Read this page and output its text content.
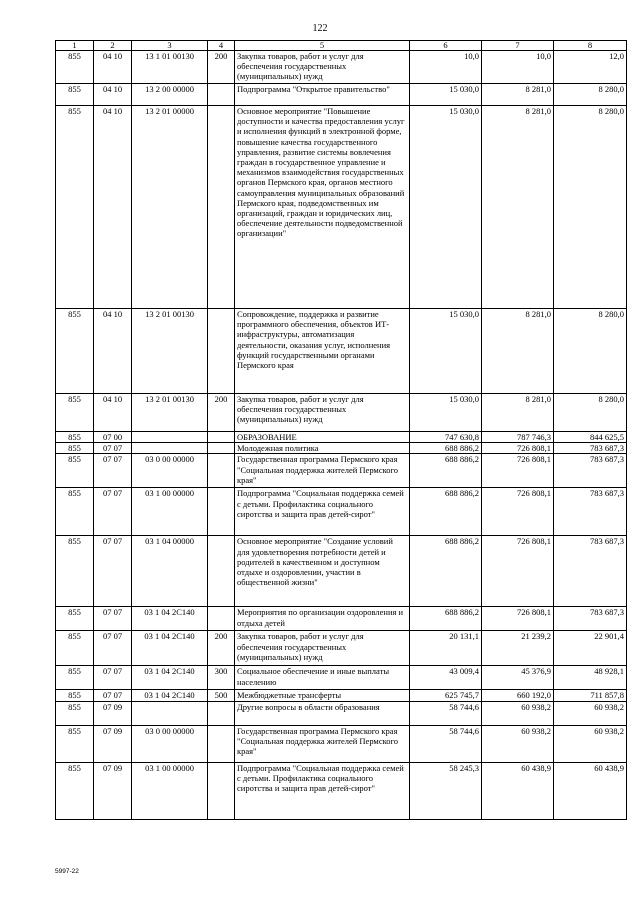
122
1	2	3	4	5	6	7	8
855	04 10	13 1 01 00130	200	Закупка товаров, работ и услуг для обеспечения государственных (муниципальных) нужд	10,0	10,0	12,0
855	04 10	13 2 00 00000		Подпрограмма "Открытое правительство"	15 030,0	8 281,0	8 280,0
855	04 10	13 2 01 00000		Основное мероприятие "Повышение доступности и качества предоставления услуг и исполнения функций в электронной форме, повышение качества государственного управления, развитие системы вовлечения граждан в государственное управление и механизмов взаимодействия государственных органов Пермского края, органов местного самоуправления муниципальных образований Пермского края, подведомственных им организаций, граждан и юридических лиц, обеспечение деятельности подведомственной организации"	15 030,0	8 281,0	8 280,0
855	04 10	13 2 01 00130		Сопровождение, поддержка и развитие программного обеспечения, объектов ИТ-инфраструктуры, автоматизация деятельности, оказания услуг, исполнения функций государственными органами Пермского края	15 030,0	8 281,0	8 280,0
855	04 10	13 2 01 00130	200	Закупка товаров, работ и услуг для обеспечения государственных (муниципальных) нужд	15 030,0	8 281,0	8 280,0
855	07 00			ОБРАЗОВАНИЕ	747 630,8	787 746,3	844 625,5
855	07 07			Молодежная политика	688 886,2	726 808,1	783 687,3
855	07 07	03 0 00 00000		Государственная программа Пермского края "Социальная поддержка жителей Пермского края"	688 886,2	726 808,1	783 687,3
855	07 07	03 1 00 00000		Подпрограмма "Социальная поддержка семей с детьми. Профилактика социального сиротства и защита прав детей-сирот"	688 886,2	726 808,1	783 687,3
855	07 07	03 1 04 00000		Основное мероприятие "Создание условий для удовлетворения потребности детей и родителей в качественном и доступном отдыхе и оздоровлении, участии в общественной жизни"	688 886,2	726 808,1	783 687,3
855	07 07	03 1 04 2С140		Мероприятия по организации оздоровления и отдыха детей	688 886,2	726 808,1	783 687,3
855	07 07	03 1 04 2С140	200	Закупка товаров, работ и услуг для обеспечения государственных (муниципальных) нужд	20 131,1	21 239,2	22 901,4
855	07 07	03 1 04 2С140	300	Социальное обеспечение и иные выплаты населению	43 009,4	45 376,9	48 928,1
855	07 07	03 1 04 2С140	500	Межбюджетные трансферты	625 745,7	660 192,0	711 857,8
855	07 09			Другие вопросы в области образования	58 744,6	60 938,2	60 938,2
855	07 09	03 0 00 00000		Государственная программа Пермского края "Социальная поддержка жителей Пермского края"	58 744,6	60 938,2	60 938,2
855	07 09	03 1 00 00000		Подпрограмма "Социальная поддержка семей с детьми. Профилактика социального сиротства и защита прав детей-сирот"	58 245,3	60 438,9	60 438,9
5997-22
